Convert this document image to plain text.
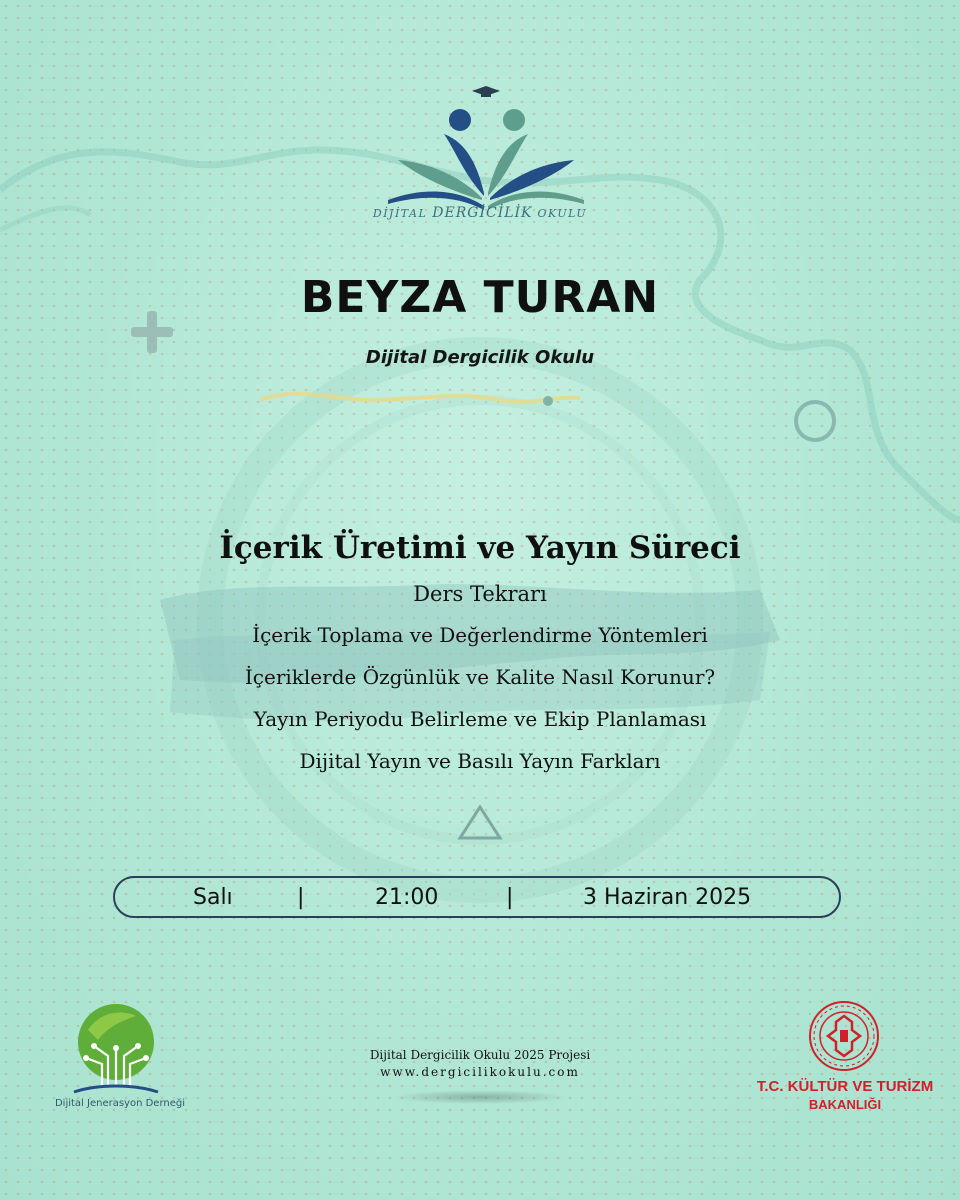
DİJİTAL DERGİCİLİK OKULU
BEYZA TURAN
Dijital Dergicilik Okulu
İçerik Üretimi ve Yayın Süreci
Ders Tekrarı
İçerik Toplama ve Değerlendirme Yöntemleri
İçeriklerde Özgünlük ve Kalite Nasıl Korunur?
Yayın Periyodu Belirleme ve Ekip Planlaması
Dijital Yayın ve Basılı Yayın Farkları
Salı	|	21:00	|	3 Haziran 2025
Dijital Jenerasyon Derneği
Dijital Dergicilik Okulu 2025 Projesi
www.dergicilikokulu.com
T.C. KÜLTÜR VE TURİZM
BAKANLIĞI
